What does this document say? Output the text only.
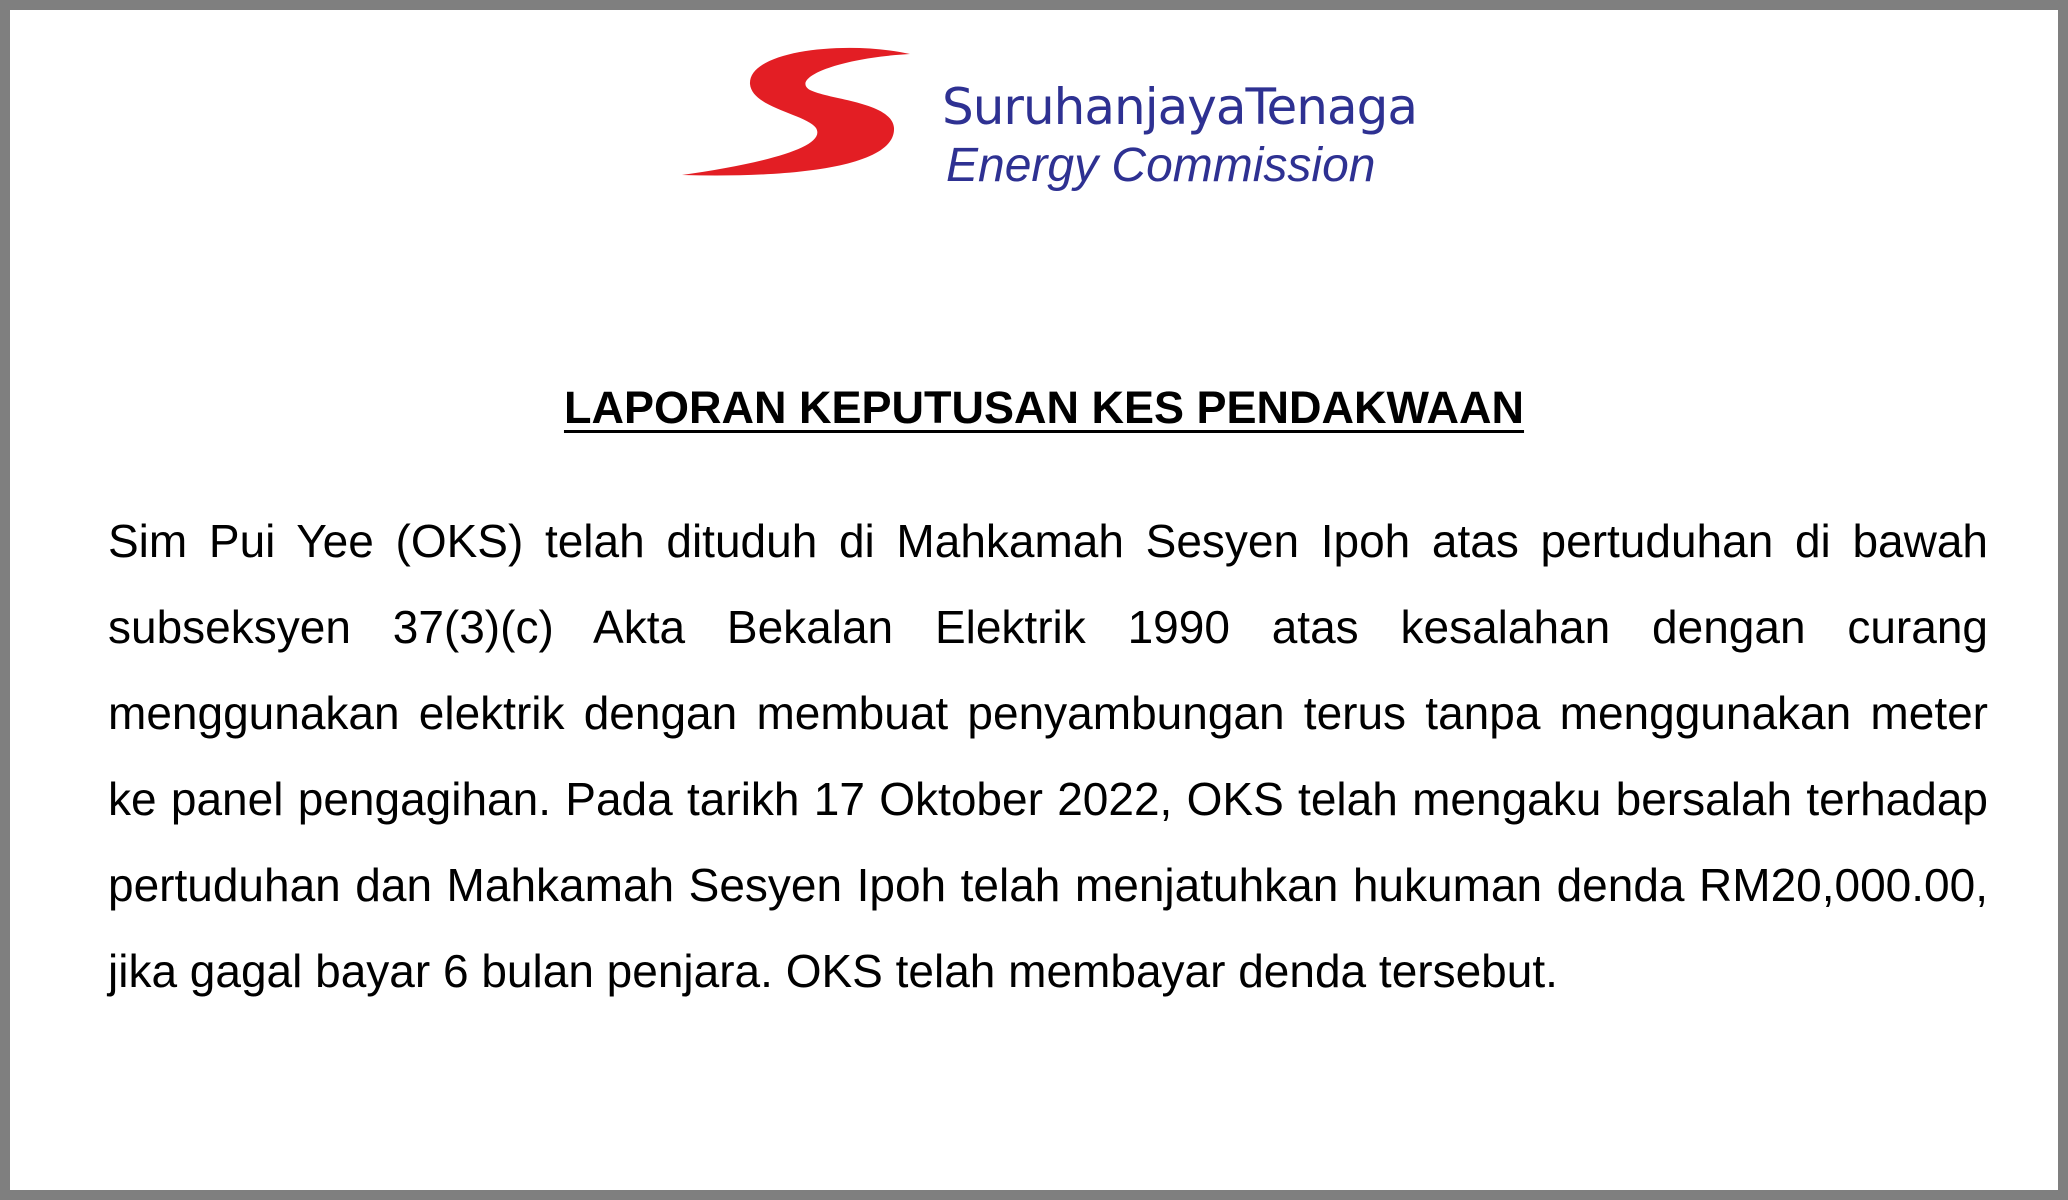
SuruhanjayaTenaga
Energy Commission
LAPORAN KEPUTUSAN KES PENDAKWAAN

Sim Pui Yee (OKS) telah dituduh di Mahkamah Sesyen Ipoh atas pertuduhan di bawah subseksyen 37(3)(c) Akta Bekalan Elektrik 1990 atas kesalahan dengan curang menggunakan elektrik dengan membuat penyambungan terus tanpa menggunakan meter ke panel pengagihan. Pada tarikh 17 Oktober 2022, OKS telah mengaku bersalah terhadap pertuduhan dan Mahkamah Sesyen Ipoh telah menjatuhkan hukuman denda RM20,000.00, jika gagal bayar 6 bulan penjara. OKS telah membayar denda tersebut.
